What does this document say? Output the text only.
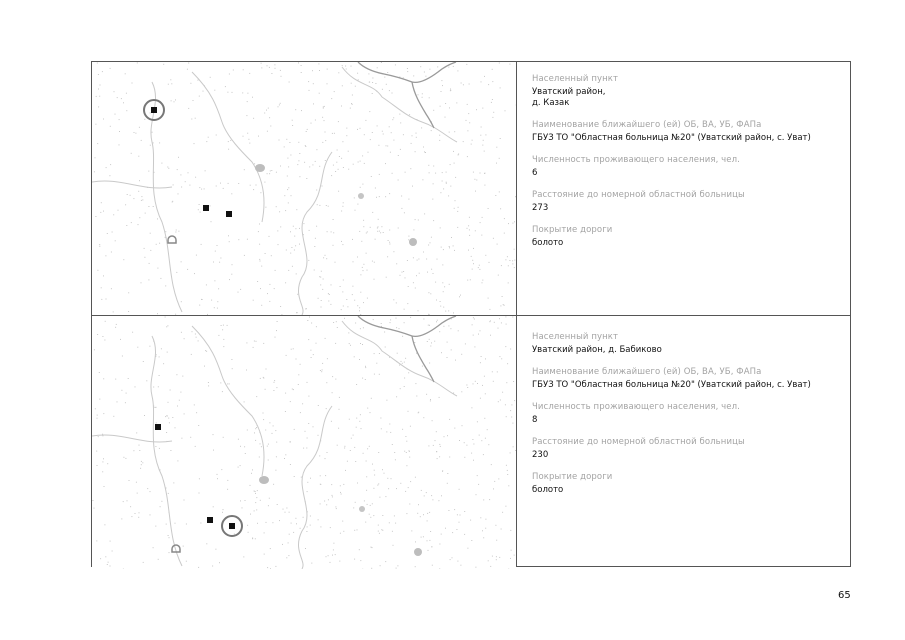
Населенный пункт
Уватский район,
д. Казак
Наименование ближайшего (ей) ОБ, ВА, УБ, ФАПа
ГБУЗ ТО "Областная больница №20" (Уватский район, с. Уват)
Численность проживающего населения, чел.
6
Расстояние до номерной областной больницы
273
Покрытие дороги
болото
Населенный пункт
Уватский район, д. Бабиково
Наименование ближайшего (ей) ОБ, ВА, УБ, ФАПа
ГБУЗ ТО "Областная больница №20" (Уватский район, с. Уват)
Численность проживающего населения, чел.
8
Расстояние до номерной областной больницы
230
Покрытие дороги
болото
65
